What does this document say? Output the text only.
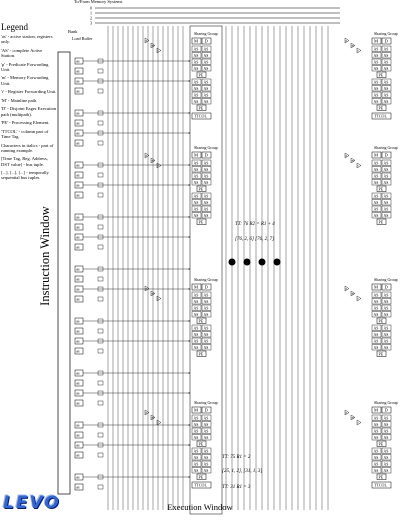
To/From Memory Systems
0
1
2
3
Bank
Load Buffer
as
as
as
as
as
as
as
as
as
as
as
as
as
as
as
as
as
as
as
as
as
as
as
as
as
as
as
as
as
as
as
as
as
as
Sharing Group
M D
AS AS
AS AS
AS AS
AS AS
PE
AS AS
AS AS
AS AS
AS AS
PE
TTCOL
p
m
r
Sharing Group
M D
AS AS
AS AS
AS AS
AS AS
PE
AS AS
AS AS
AS AS
AS AS
PE
p
m
r
Sharing Group
M D
AS AS
AS AS
AS AS
AS AS
PE
AS AS
AS AS
AS AS
AS AS
PE
p
m
r
Sharing Group
M D
AS AS
AS AS
AS AS
AS AS
PE
AS AS
AS AS
AS AS
AS AS
PE
TTCOL
p
m
r
Sharing Group
M D
AS AS
AS AS
AS AS
AS AS
PE
AS AS
AS AS
AS AS
AS AS
PE
TTCOL
p
m
r
Sharing Group
M D
AS AS
AS AS
AS AS
AS AS
PE
AS AS
AS AS
AS AS
AS AS
PE
p
m
r
Sharing Group
M D
AS AS
AS AS
AS AS
AS AS
PE
AS AS
AS AS
AS AS
AS AS
PE
p
m
r
Sharing Group
M D
AS AS
AS AS
AS AS
AS AS
PE
AS AS
AS AS
AS AS
AS AS
PE
TTCOL
p
m
r
TT: 76 R2 = R1 + 4
[76, 2, 6] [76, 2, 7]
TT: 75 R1 = 2
[25, 1, 2], [31, 1, 3]
TT: 31 R1 = 3
Legend
'as' - active station, registers only.
'AS' - complete Active Station.
'p' - Predicate Forwarding Unit.
'm' - Memory Forwarding Unit.
'r' - Register Forwarding Unit.
'M' - Mainline path.
'D' - Disjoint Eager Execution path (multipath).
'PE' - Processing Element.
'TTCOL' - column part of Time Tag.
Characters in italics - part of running example.
[Time Tag, Reg. Address, DST value] - bus tuple.
[...], [...], [...] - temporally sequential bus tuples.
Instruction Window
Execution Window
LEVO
